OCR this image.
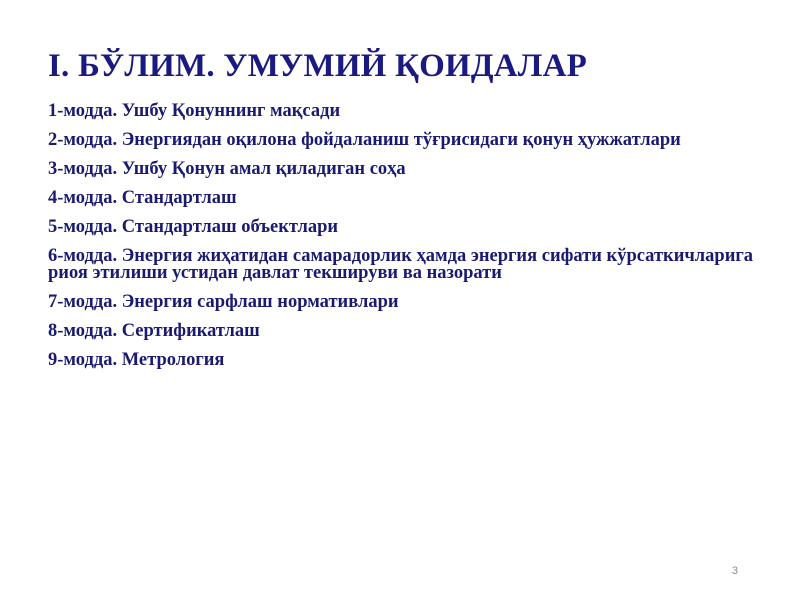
I. БЎЛИМ. УМУМИЙ ҚОИДАЛАР
1-модда. Ушбу Қонуннинг мақсади
2-модда. Энергиядан оқилона фойдаланиш тўғрисидаги қонун ҳужжатлари
3-модда. Ушбу Қонун амал қиладиган соҳа
4-модда. Стандартлаш
5-модда. Стандартлаш объектлари
6-модда. Энергия жиҳатидан самарадорлик ҳамда энергия сифати кўрсаткичларига риоя этилиши устидан давлат текшируви ва назорати
7-модда. Энергия сарфлаш нормативлари
8-модда. Сертификатлаш
9-модда. Метрология
3
